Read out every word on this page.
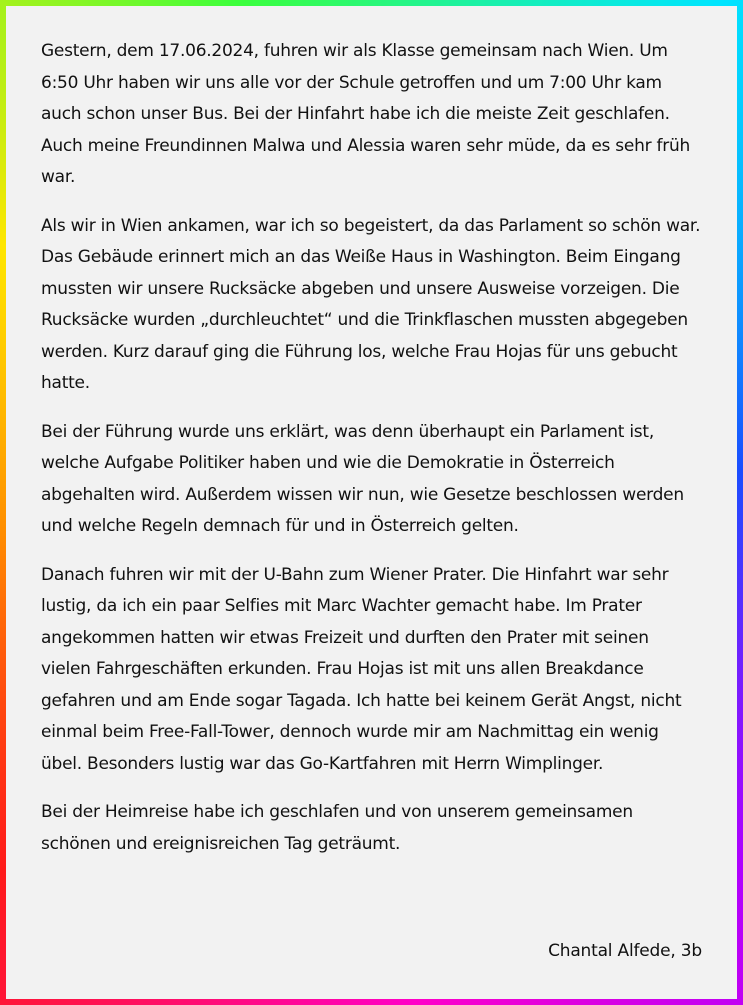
Gestern, dem 17.06.2024, fuhren wir als Klasse gemeinsam nach Wien. Um 6:50 Uhr haben wir uns alle vor der Schule getroffen und um 7:00 Uhr kam auch schon unser Bus. Bei der Hinfahrt habe ich die meiste Zeit geschlafen. Auch meine Freundinnen Malwa und Alessia waren sehr müde, da es sehr früh war.

Als wir in Wien ankamen, war ich so begeistert, da das Parlament so schön war. Das Gebäude erinnert mich an das Weiße Haus in Washington. Beim Eingang mussten wir unsere Rucksäcke abgeben und unsere Ausweise vorzeigen. Die Rucksäcke wurden „durchleuchtet“ und die Trinkflaschen mussten abgegeben werden. Kurz darauf ging die Führung los, welche Frau Hojas für uns gebucht hatte.

Bei der Führung wurde uns erklärt, was denn überhaupt ein Parlament ist, welche Aufgabe Politiker haben und wie die Demokratie in Österreich abgehalten wird. Außerdem wissen wir nun, wie Gesetze beschlossen werden und welche Regeln demnach für und in Österreich gelten.

Danach fuhren wir mit der U-Bahn zum Wiener Prater. Die Hinfahrt war sehr lustig, da ich ein paar Selfies mit Marc Wachter gemacht habe. Im Prater angekommen hatten wir etwas Freizeit und durften den Prater mit seinen vielen Fahrgeschäften erkunden. Frau Hojas ist mit uns allen Breakdance gefahren und am Ende sogar Tagada. Ich hatte bei keinem Gerät Angst, nicht einmal beim Free-Fall-Tower, dennoch wurde mir am Nachmittag ein wenig übel. Besonders lustig war das Go-Kartfahren mit Herrn Wimplinger.

Bei der Heimreise habe ich geschlafen und von unserem gemeinsamen schönen und ereignisreichen Tag geträumt.

Chantal Alfede, 3b
